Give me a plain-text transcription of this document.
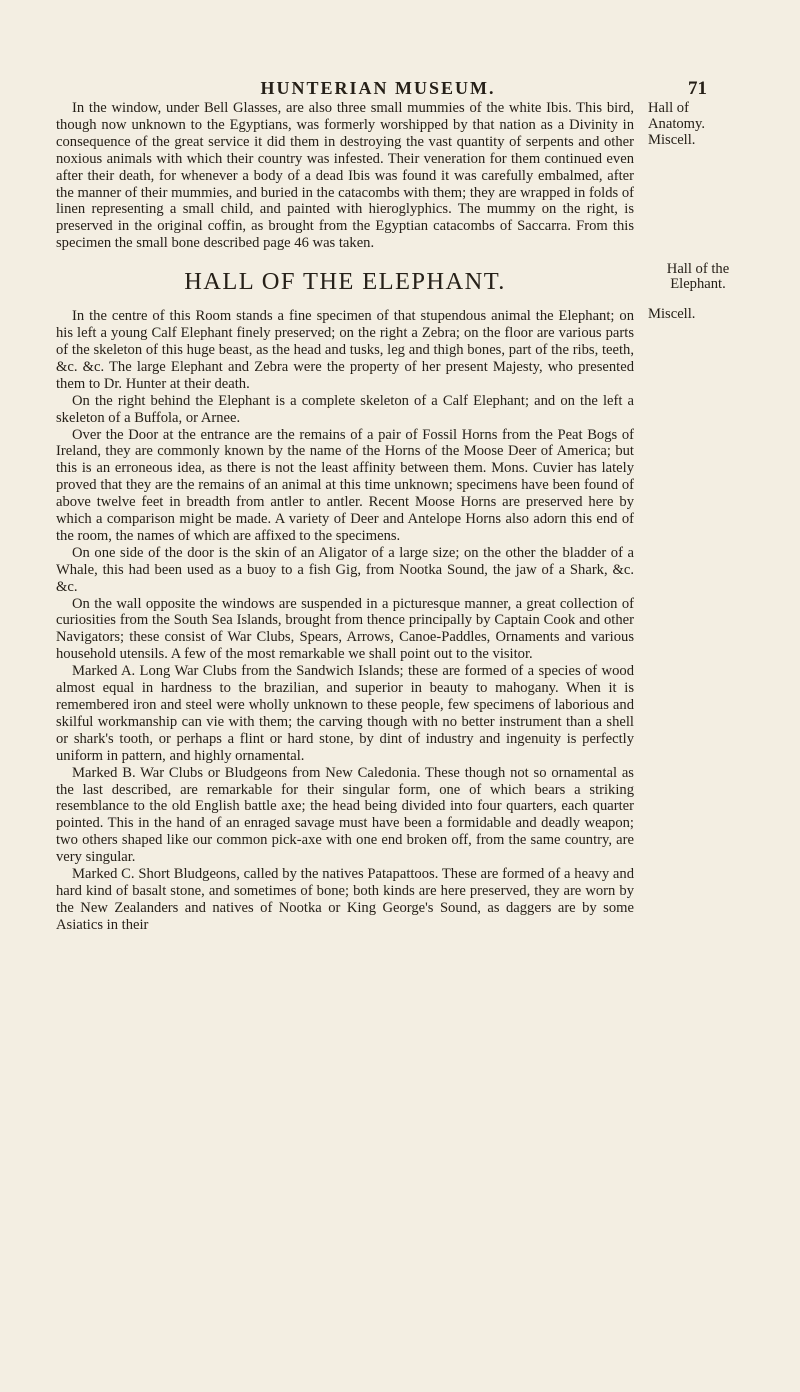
HUNTERIAN MUSEUM.	71

In the window, under Bell Glasses, are also three small mummies of the white Ibis. This bird, though now unknown to the Egyptians, was formerly worshipped by that nation as a Divinity in consequence of the great service it did them in destroying the vast quantity of serpents and other noxious animals with which their country was infested. Their veneration for them continued even after their death, for whenever a body of a dead Ibis was found it was carefully embalmed, after the manner of their mummies, and buried in the catacombs with them; they are wrapped in folds of linen representing a small child, and painted with hieroglyphics. The mummy on the right, is preserved in the original coffin, as brought from the Egyptian catacombs of Saccarra. From this specimen the small bone described page 46 was taken.

HALL OF THE ELEPHANT.

In the centre of this Room stands a fine specimen of that stupendous animal the Elephant; on his left a young Calf Elephant finely preserved; on the right a Zebra; on the floor are various parts of the skeleton of this huge beast, as the head and tusks, leg and thigh bones, part of the ribs, teeth, &c. &c. The large Elephant and Zebra were the property of her present Majesty, who presented them to Dr. Hunter at their death.

On the right behind the Elephant is a complete skeleton of a Calf Elephant; and on the left a skeleton of a Buffola, or Arnee.

Over the Door at the entrance are the remains of a pair of Fossil Horns from the Peat Bogs of Ireland, they are commonly known by the name of the Horns of the Moose Deer of America; but this is an erroneous idea, as there is not the least affinity between them. Mons. Cuvier has lately proved that they are the remains of an animal at this time unknown; specimens have been found of above twelve feet in breadth from antler to antler. Recent Moose Horns are preserved here by which a comparison might be made. A variety of Deer and Antelope Horns also adorn this end of the room, the names of which are affixed to the specimens.

On one side of the door is the skin of an Aligator of a large size; on the other the bladder of a Whale, this had been used as a buoy to a fish Gig, from Nootka Sound, the jaw of a Shark, &c. &c.

On the wall opposite the windows are suspended in a picturesque manner, a great collection of curiosities from the South Sea Islands, brought from thence principally by Captain Cook and other Navigators; these consist of War Clubs, Spears, Arrows, Canoe-Paddles, Ornaments and various household utensils. A few of the most remarkable we shall point out to the visitor.

Marked A. Long War Clubs from the Sandwich Islands; these are formed of a species of wood almost equal in hardness to the brazilian, and superior in beauty to mahogany. When it is remembered iron and steel were wholly unknown to these people, few specimens of laborious and skilful workmanship can vie with them; the carving though with no better instrument than a shell or shark's tooth, or perhaps a flint or hard stone, by dint of industry and ingenuity is perfectly uniform in pattern, and highly ornamental.

Marked B. War Clubs or Bludgeons from New Caledonia. These though not so ornamental as the last described, are remarkable for their singular form, one of which bears a striking resemblance to the old English battle axe; the head being divided into four quarters, each quarter pointed. This in the hand of an enraged savage must have been a formidable and deadly weapon; two others shaped like our common pick-axe with one end broken off, from the same country, are very singular.

Marked C. Short Bludgeons, called by the natives Patapattoos. These are formed of a heavy and hard kind of basalt stone, and sometimes of bone; both kinds are here preserved, they are worn by the New Zealanders and natives of Nootka or King George's Sound, as daggers are by some Asiatics in their

Hall of
Anatomy.
Miscell.
Hall of the
Elephant.
Miscell.
